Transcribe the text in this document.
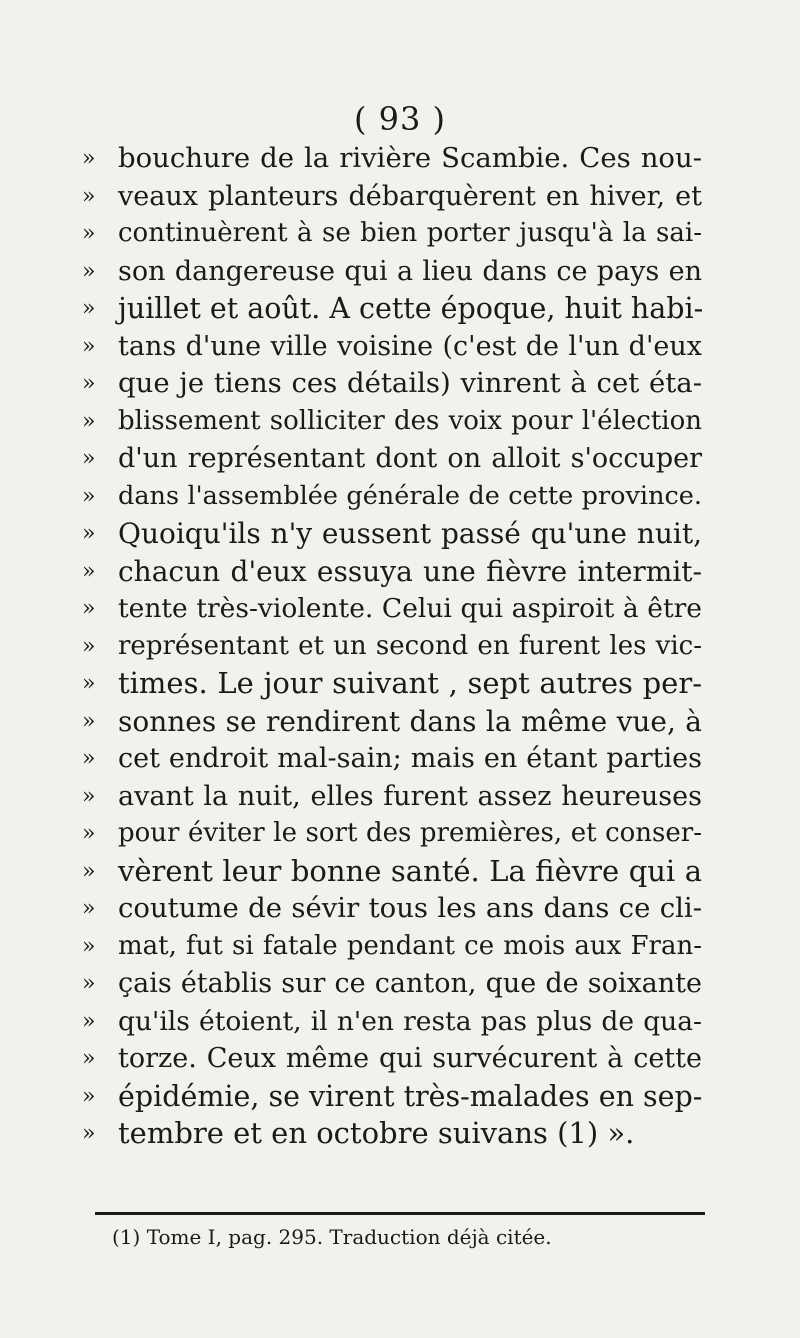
( 93 )
» bouchure de la rivière Scambie. Ces nou-
» veaux planteurs débarquèrent en hiver, et
» continuèrent à se bien porter jusqu'à la sai-
» son dangereuse qui a lieu dans ce pays en
» juillet et août. A cette époque, huit habi-
» tans d'une ville voisine (c'est de l'un d'eux
» que je tiens ces détails) vinrent à cet éta-
» blissement solliciter des voix pour l'élection
» d'un représentant dont on alloit s'occuper
» dans l'assemblée générale de cette province.
» Quoiqu'ils n'y eussent passé qu'une nuit,
» chacun d'eux essuya une fièvre intermit-
» tente très-violente. Celui qui aspiroit à être
» représentant et un second en furent les vic-
» times. Le jour suivant , sept autres per-
» sonnes se rendirent dans la même vue, à
» cet endroit mal-sain; mais en étant parties
» avant la nuit, elles furent assez heureuses
» pour éviter le sort des premières, et conser-
» vèrent leur bonne santé. La fièvre qui a
» coutume de sévir tous les ans dans ce cli-
» mat, fut si fatale pendant ce mois aux Fran-
» çais établis sur ce canton, que de soixante
» qu'ils étoient, il n'en resta pas plus de qua-
» torze. Ceux même qui survécurent à cette
» épidémie, se virent très-malades en sep-
» tembre et en octobre suivans (1) ».
(1) Tome I, pag. 295. Traduction déjà citée.
